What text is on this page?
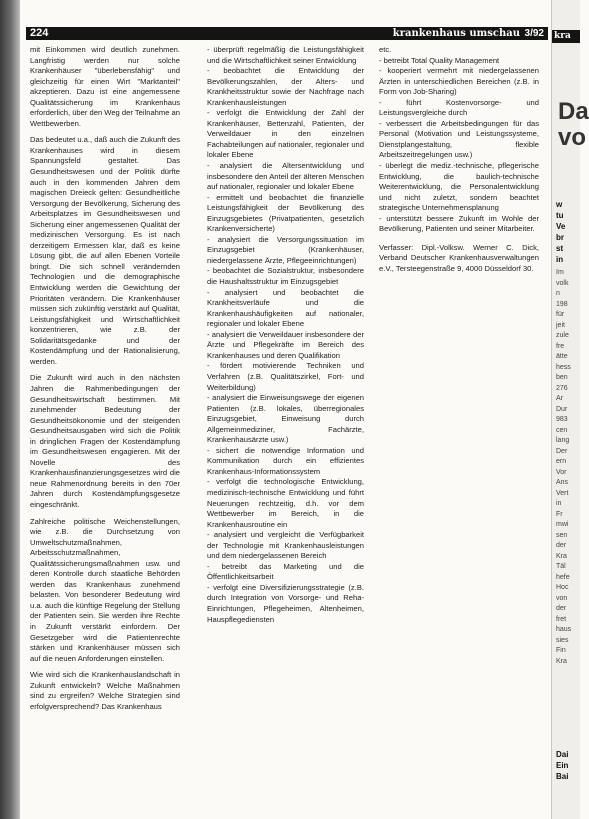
224	krankenhaus umschau 3/92

mit Einkommen wird deutlich zunehmen. Langfristig werden nur solche Krankenhäuser "überlebensfähig" und gleichzeitig für einen Wirt "Marktanteil" akzeptieren. Dazu ist eine angemessene Qualitätssicherung im Krankenhaus erforderlich, über den Weg der Teilnahme an Wettbewerben.

Das bedeutet u.a., daß auch die Zukunft des Krankenhauses wird in diesem Spannungsfeld gestaltet. Das Gesundheitswesen und der Politik dürfte auch in den kommenden Jahren dem magischen Dreieck gelten: Gesundheitliche Versorgung der Bevölkerung, Sicherung des Arbeitsplatzes im Gesundheitswesen und Sicherung einer angemessenen Qualität der medizinischen Versorgung. Es ist nach derzeitigem Ermessen klar, daß es keine Lösung gibt, die auf allen Ebenen Vorteile bringt. Die sich schnell verändernden Technologien und die demographische Entwicklung werden die Gewichtung der Prioritäten verändern. Die Krankenhäuser müssen sich zukünftig verstärkt auf Qualität, Leistungsfähigkeit und Wirtschaftlichkeit konzentrieren, wie z.B. der Solidaritätsgedanke und der Kostendämpfung und der Rationalisierung, werden.

Die Zukunft wird auch in den nächsten Jahren die Rahmenbedingungen der Gesundheitswirtschaft bestimmen. Mit zunehmender Bedeutung der Gesundheitsökonomie und der steigenden Gesundheitsausgaben wird sich die Politik in dringlichen Fragen der Kostendämpfung im Gesundheitswesen engagieren. Mit der Novelle des Krankenhausfinanzierungsgesetzes wird die neue Rahmenordnung bereits in den 70er Jahren durch Kostendämpfungsgesetze eingeschränkt.

Zahlreiche politische Weichenstellungen, wie z.B. die Durchsetzung von Umweltschutzmaßnahmen, Arbeitsschutzmaßnahmen, Qualitätssicherungsmaßnahmen usw. und deren Kontrolle durch staatliche Behörden werden das Krankenhaus zunehmend belasten. Von besonderer Bedeutung wird u.a. auch die künftige Regelung der Stellung der Patienten sein. Sie werden ihre Rechte in Zukunft verstärkt einfordern. Der Gesetzgeber wird die Patientenrechte stärken und Krankenhäuser müssen sich auf die neuen Anforderungen einstellen.

Wie wird sich die Krankenhauslandschaft in Zukunft entwickeln? Welche Maßnahmen sind zu ergreifen? Welche Strategien sind erfolgversprechend? Das Krankenhaus

- überprüft regelmäßig die Leistungsfähigkeit und die Wirtschaftlichkeit seiner Entwicklung

- beobachtet die Entwicklung der Bevölkerungszahlen, der Alters- und Krankheitsstruktur sowie der Nachfrage nach Krankenhausleistungen

- verfolgt die Entwicklung der Zahl der Krankenhäuser, Bettenzahl, Patienten, der Verweildauer in den einzelnen Fachabteilungen auf nationaler, regionaler und lokaler Ebene

- analysiert die Altersentwicklung und insbesondere den Anteil der älteren Menschen auf nationaler, regionaler und lokaler Ebene

- ermittelt und beobachtet die finanzielle Leistungsfähigkeit der Bevölkerung des Einzugsgebietes (Privatpatienten, gesetzlich Krankenversicherte)

- analysiert die Versorgungssituation im Einzugsgebiet (Krankenhäuser, niedergelassene Ärzte, Pflegeeinrichtungen)

- beobachtet die Sozialstruktur, insbesondere die Haushaltsstruktur im Einzugsgebiet

- analysiert und beobachtet die Krankheitsverläufe und die Krankenhaushäufigkeiten auf nationaler, regionaler und lokaler Ebene

- analysiert die Verweildauer insbesondere der Ärzte und Pflegekräfte im Bereich des Krankenhauses und deren Qualifikation

- fördert motivierende Techniken und Verfahren (z.B. Qualitätszirkel, Fort- und Weiterbildung)

- analysiert die Einweisungswege der eigenen Patienten (z.B. lokales, überregionales Einzugsgebiet, Einweisung durch Allgemeinmediziner, Fachärzte, Krankenhausärzte usw.)

- sichert die notwendige Information und Kommunikation durch ein effizientes Krankenhaus-Informationssystem

- verfolgt die technologische Entwicklung, medizinisch-technische Entwicklung und führt Neuerungen rechtzeitig, d.h. vor dem Wettbewerber im Bereich, in die Krankenhausroutine ein

- analysiert und vergleicht die Verfügbarkeit der Technologie mit Krankenhausleistungen und dem niedergelassenen Bereich

- betreibt das Marketing und die Öffentlichkeitsarbeit

- verfolgt eine Diversifizierungsstrategie (z.B. durch Integration von Vorsorge- und Reha-Einrichtungen, Pflegeheimen, Altenheimen, Hauspflegediensten

etc.

- betreibt Total Quality Management

- kooperiert vermehrt mit niedergelassenen Ärzten in unterschiedlichen Bereichen (z.B. in Form von Job-Sharing)

- führt Kostenvorsorge- und Leistungsvergleiche durch

- verbessert die Arbeitsbedingungen für das Personal (Motivation und Leistungssysteme, Dienstplangestaltung, flexible Arbeitszeitregelungen usw.)

- überlegt die mediz.-technische, pflegerische Entwicklung, die baulich-technische Weiterentwicklung, die Personalentwicklung und nicht zuletzt, sondern beachtet strategische Unternehmensplanung

- unterstützt bessere Zukunft im Wohle der Bevölkerung, Patienten und seiner Mitarbeiter.

Verfasser: Dipl.-Volksw. Werner C. Dick, Verband Deutscher Krankenhausverwaltungen e.V., Tersteegenstraße 9, 4000 Düsseldorf 30.

kra
Da
vo
w
tu
Ve
br
st
in
Im
volk
n
198
für
jeit
zule
fre
ätte
hess
ben
276
Ar
Dur
983
cen
lang
Der
ern
Vor
Ans
Vert
in
Fr
mwi
sen
der
Kra
Täl
hefe
Hoc
von
der
fret
haus
sies
Fin
Kra
Dai
Ein
Bai
